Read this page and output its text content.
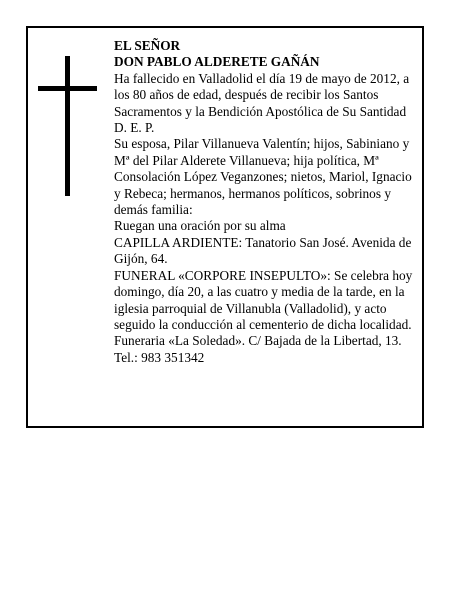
EL SEÑOR

DON PABLO ALDERETE GAÑÁN

Ha fallecido en Valladolid el día 19 de mayo de 2012, a los 80 años de edad, después de recibir los Santos Sacramentos y la Bendición Apostólica de Su Santidad D. E. P.

Su esposa, Pilar Villanueva Valentín; hijos, Sabiniano y Mª del Pilar Alderete Villanueva; hija política, Mª Consolación López Veganzones; nietos, Mariol, Ignacio y Rebeca; hermanos, hermanos políticos, sobrinos y demás familia:

Ruegan una oración por su alma

CAPILLA ARDIENTE: Tanatorio San José. Avenida de Gijón, 64.

FUNERAL «CORPORE INSEPULTO»: Se celebra hoy domingo, día 20, a las cuatro y media de la tarde, en la iglesia parroquial de Villanubla (Valladolid), y acto seguido la conducción al cementerio de dicha localidad.

Funeraria «La Soledad». C/ Bajada de la Libertad, 13. Tel.: 983 351342
